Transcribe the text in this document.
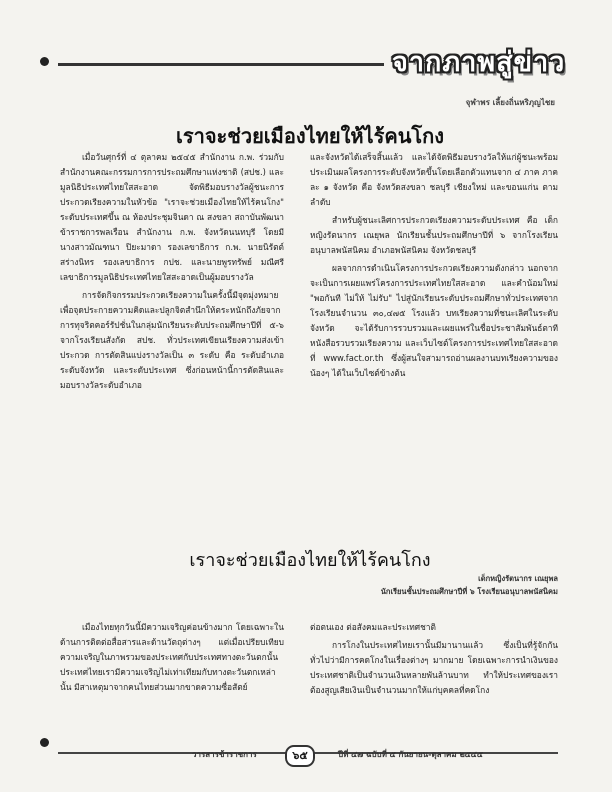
จากภาพสู่ข่าว
จุฬาพร เลี้ยงถิ่นหริภุญไชย
เราจะช่วยเมืองไทยให้ไร้คนโกง

เมื่อวันศุกร์ที่ ๔ ตุลาคม ๒๕๔๕ สำนักงาน ก.พ. ร่วมกับสำนักงานคณะกรรมการการประถมศึกษาแห่งชาติ (สปช.) และมูลนิธิประเทศไทยใสสะอาด จัดพิธีมอบรางวัลผู้ชนะการประกวดเรียงความในหัวข้อ "เราจะช่วยเมืองไทยให้ไร้คนโกง" ระดับประเทศขึ้น ณ ห้องประชุมจินดา ณ สงขลา สถาบันพัฒนาข้าราชการพลเรือน สำนักงาน ก.พ. จังหวัดนนทบุรี โดยมีนางสาวมัณฑนา ปิยะมาดา รองเลขาธิการ ก.พ. นายนิรัตต์ สร่างนิทร รองเลขาธิการ กปช. และนายพูรทรัพย์ มณีศรี เลขาธิการมูลนิธิประเทศไทยใสสะอาดเป็นผู้มอบรางวัล

การจัดกิจกรรมประกวดเรียงความในครั้งนี้มีจุดมุ่งหมายเพื่อจุดประกายความคิดและปลูกจิตสำนึกให้ตระหนักถึงภัยจากการทุจริตคอร์รัปชั่นในกลุ่มนักเรียนระดับประถมศึกษาปีที่ ๕-๖ จากโรงเรียนสังกัด สปช. ทั่วประเทศเขียนเรียงความส่งเข้าประกวด การตัดสินแบ่งรางวัลเป็น ๓ ระดับ คือ ระดับอำเภอ ระดับจังหวัด และระดับประเทศ ซึ่งก่อนหน้านี้การตัดสินและมอบรางวัลระดับอำเภอ

และจังหวัดได้เสร็จสิ้นแล้ว และได้จัดพิธีมอบรางวัลให้แก่ผู้ชนะพร้อมประเมินผลโครงการระดับจังหวัดขึ้นโดยเลือกตัวแทนจาก ๔ ภาค ภาคละ ๑ จังหวัด คือ จังหวัดสงขลา ชลบุรี เชียงใหม่ และขอนแก่น ตามลำดับ

สำหรับผู้ชนะเลิศการประกวดเรียงความระดับประเทศ คือ เด็กหญิงรัตนากร เณยุพล นักเรียนชั้นประถมศึกษาปีที่ ๖ จากโรงเรียนอนุบาลพนัสนิคม อำเภอพนัสนิคม จังหวัดชลบุรี

ผลจากการดำเนินโครงการประกวดเรียงความดังกล่าว นอกจากจะเป็นการเผยแพร่โครงการประเทศไทยใสสะอาด และคำน้อมใหม่ "พอกันที ไม่ให้ ไม่รับ" ไปสู่นักเรียนระดับประถมศึกษาทั่วประเทศจากโรงเรียนจำนวน ๓๐,๔๗๕ โรงแล้ว บทเรียงความที่ชนะเลิศในระดับจังหวัด จะได้รับการรวบรวมและเผยแพร่ในชื่อประชาสัมพันธ์ตาทีหนังสือรวบรวมเรียงความ และเว็บไซต์โครงการประเทศไทยใสสะอาด ที่ www.fact.or.th ซึ่งผู้สนใจสามารถอ่านผลงานบทเรียงความของน้องๆ ได้ในเว็บไซต์ข้างต้น

เราจะช่วยเมืองไทยให้ไร้คนโกง
เด็กหญิงรัตนากร เณยุพล
นักเรียนชั้นประถมศึกษาปีที่ ๖ โรงเรียนอนุบาลพนัสนิคม

เมืองไทยทุกวันนี้มีความเจริญค่อนข้างมาก โดยเฉพาะในด้านการติดต่อสื่อสารและด้านวัตถุต่างๆ แต่เมื่อเปรียบเทียบความเจริญในภาพรวมของประเทศกับประเทศทางตะวันตกนั้น ประเทศไทยเรามีความเจริญไม่เท่าเทียมกับทางตะวันตกเหล่านั้น มีสาเหตุมาจากคนไทยส่วนมากขาดความซื่อสัตย์

ต่อตนเอง ต่อสังคมและประเทศชาติ

การโกงในประเทศไทยเรานั้นมีมานานแล้ว ซึ่งเป็นที่รู้จักกันทั่วไปว่ามีการคดโกงในเรื่องต่างๆ มากมาย โดยเฉพาะการนำเงินของประเทศชาติเป็นจำนวนเงินหลายพันล้านบาท ทำให้ประเทศของเราต้องสูญเสียเงินเป็นจำนวนมากให้แก่บุคคลที่คดโกง

วารสารข้าราชการ	๖๕	ปีที่ ๔๗ ฉบับที่ ๕ กันยายน-ตุลาคม ๒๕๔๕
